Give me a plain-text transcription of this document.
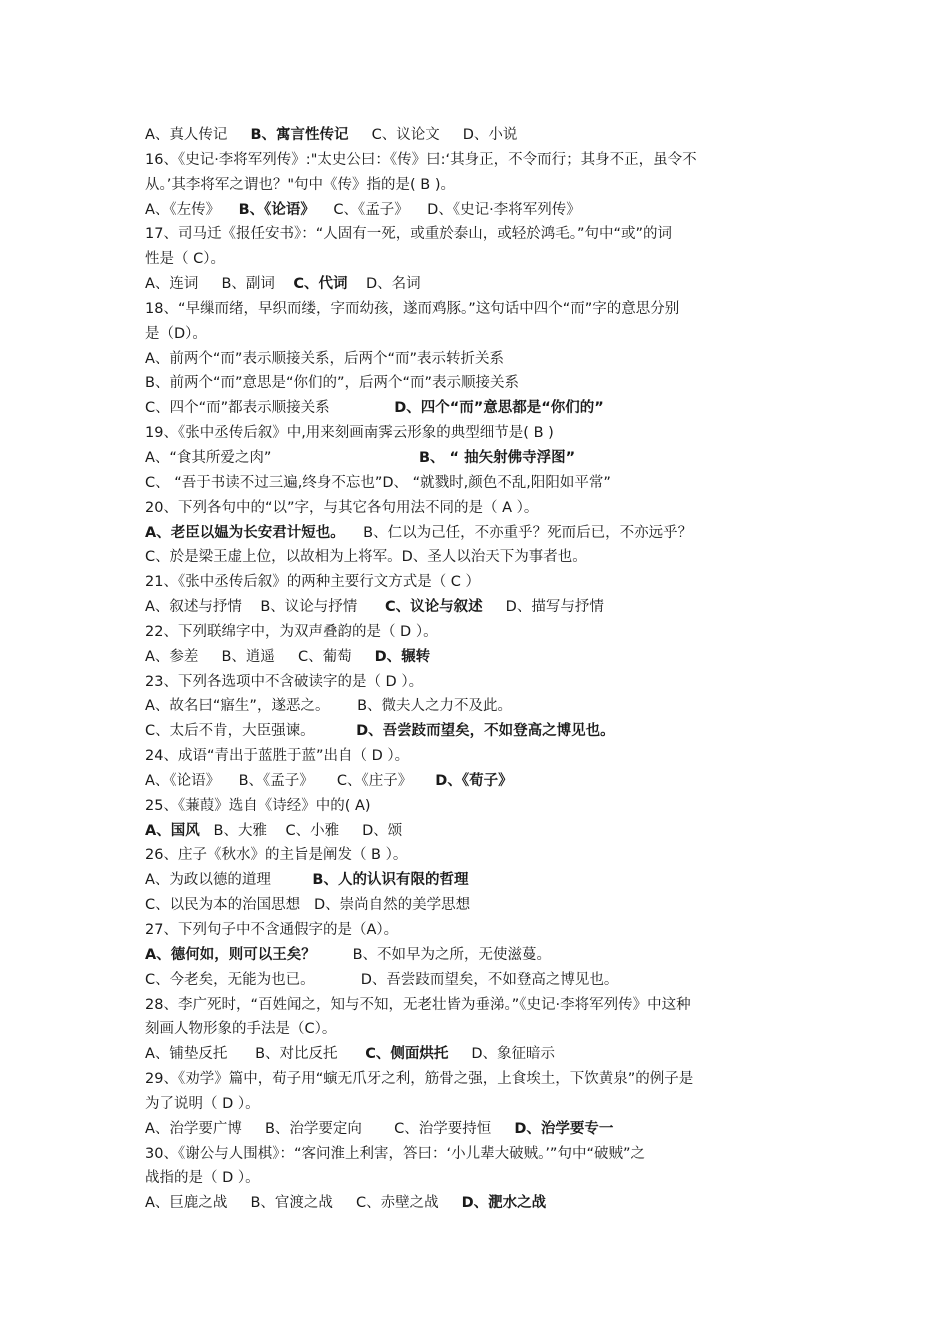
A、真人传记     B、寓言性传记     C、议论文     D、小说
16、《史记·李将军列传》:"太史公曰：《传》曰:‘其身正，不令而行；其身不正，虽令不
从。’其李将军之谓也？"句中《传》指的是( B )。
A、《左传》    B、《论语》    C、《孟子》    D、《史记·李将军列传》
17、司马迁《报任安书》：“人固有一死，或重於泰山，或轻於鸿毛。”句中“或”的词
性是（ C）。
A、连词     B、副词    C、代词    D、名词
18、“早缫而绪，早织而缕，字而幼孩，遂而鸡豚。”这句话中四个“而”字的意思分别
是（D）。
A、前两个“而”表示顺接关系，后两个“而”表示转折关系
B、前两个“而”意思是“你们的”，后两个“而”表示顺接关系
C、四个“而”都表示顺接关系              D、四个“而”意思都是“你们的”
19、《张中丞传后叙》中,用来刻画南霁云形象的典型细节是( B )
A、“食其所爱之肉”                                B、 “ 抽矢射佛寺浮图”
C、 “吾于书读不过三遍,终身不忘也”D、 “就戮时,颜色不乱,阳阳如平常”
20、下列各句中的“以”字，与其它各句用法不同的是（ A ）。
A、老臣以媪为长安君计短也。    B、仁以为己任，不亦重乎？死而后已，不亦远乎？
C、於是梁王虚上位，以故相为上将军。D、圣人以治天下为事者也。
21、《张中丞传后叙》的两种主要行文方式是（ C ）
A、叙述与抒情    B、议论与抒情      C、议论与叙述     D、描写与抒情
22、下列联绵字中，为双声叠韵的是（ D ）。
A、参差     B、逍遥     C、葡萄     D、辗转
23、下列各选项中不含破读字的是（ D ）。
A、故名曰“寤生”，遂恶之。      B、微夫人之力不及此。
C、太后不肯，大臣强谏。         D、吾尝跂而望矣，不如登高之博见也。
24、成语“青出于蓝胜于蓝”出自（ D ）。
A、《论语》    B、《孟子》     C、《庄子》     D、《荀子》
25、《蒹葭》选自《诗经》中的( A)
A、国风   B、大雅    C、小雅     D、颂
26、庄子《秋水》的主旨是阐发（ B ）。
A、为政以德的道理         B、人的认识有限的哲理
C、以民为本的治国思想   D、崇尚自然的美学思想
27、下列句子中不含通假字的是（A）。
A、德何如，则可以王矣？        B、不如早为之所，无使滋蔓。
C、今老矣，无能为也已。          D、吾尝跂而望矣，不如登高之博见也。
28、李广死时，“百姓闻之，知与不知，无老壮皆为垂涕。”《史记·李将军列传》中这种
刻画人物形象的手法是（C）。
A、铺垫反托      B、对比反托      C、侧面烘托     D、象征暗示
29、《劝学》篇中，荀子用“螾无爪牙之利，筋骨之强，上食埃土，下饮黄泉”的例子是
为了说明（ D ）。
A、治学要广博     B、治学要定向       C、治学要持恒     D、治学要专一
30、《谢公与人围棋》：“客问淮上利害，答曰：‘小儿辈大破贼。’”句中“破贼”之
战指的是（ D ）。
A、巨鹿之战     B、官渡之战     C、赤壁之战     D、淝水之战
